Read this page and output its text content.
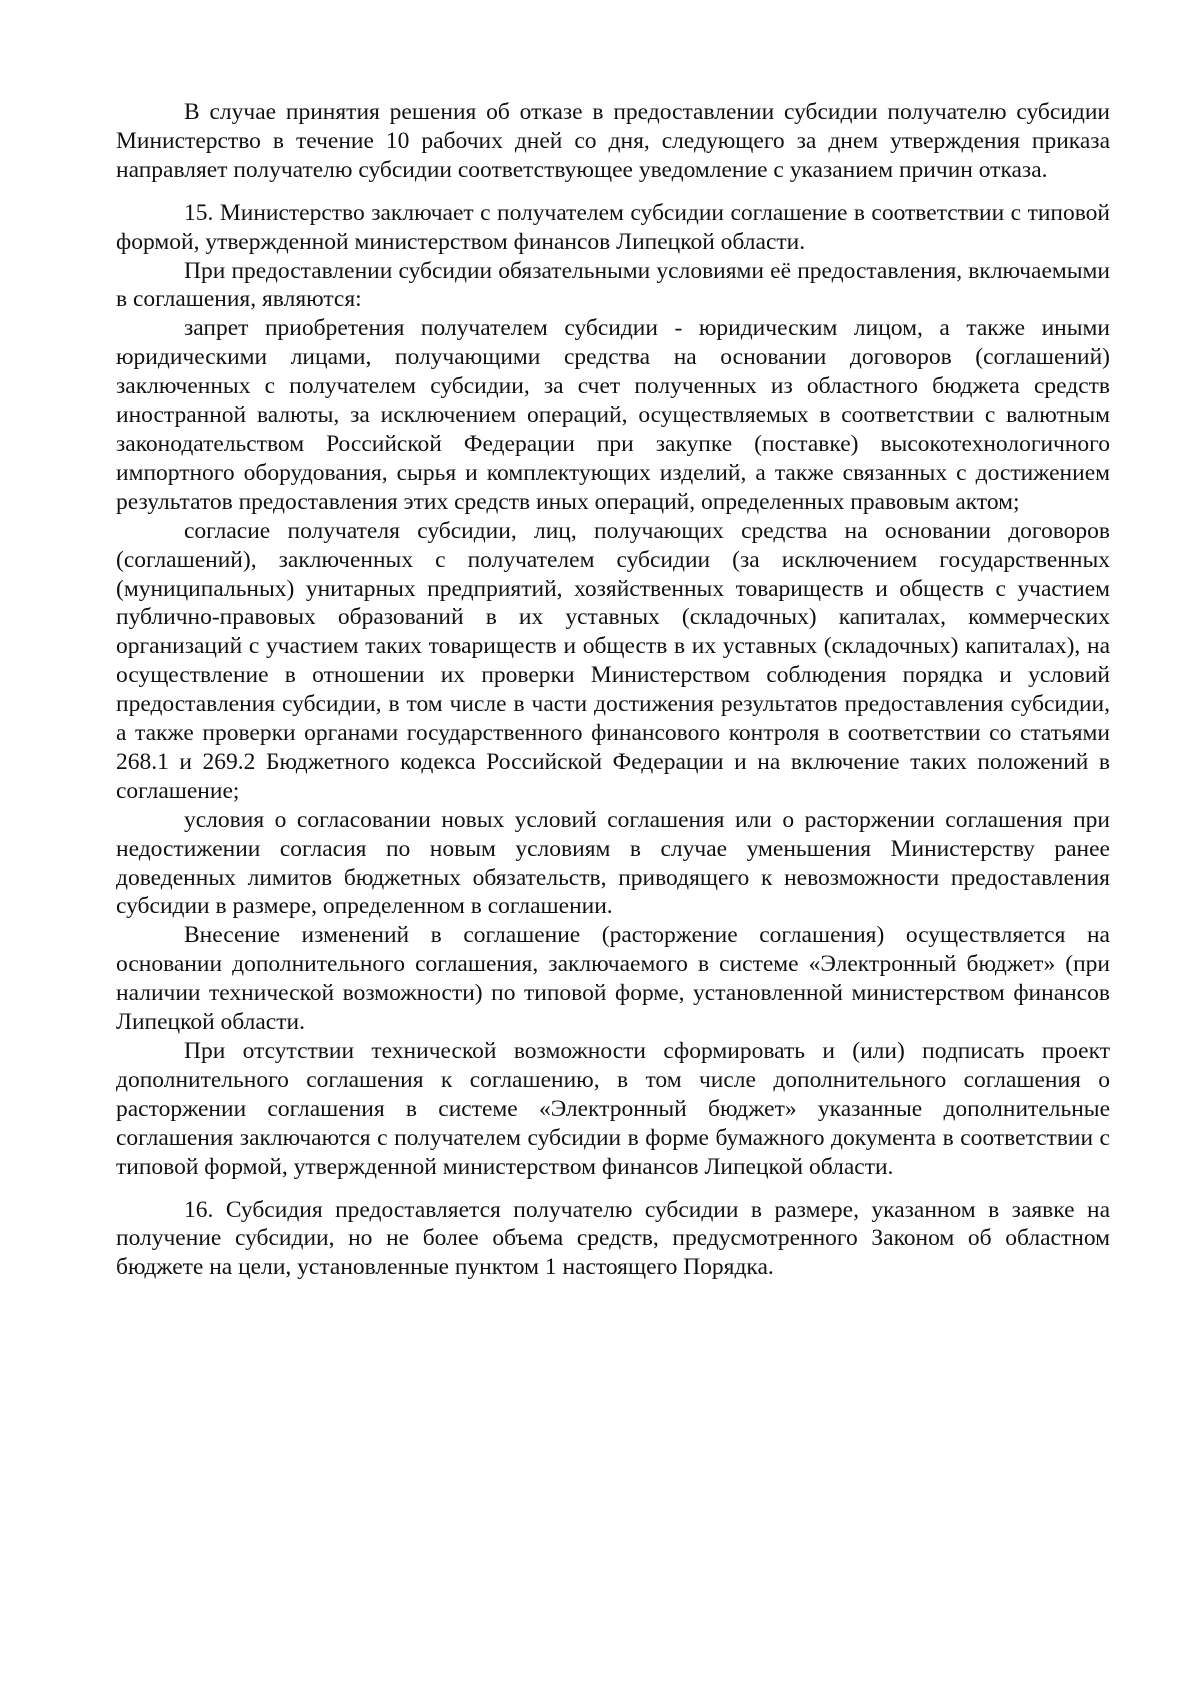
В случае принятия решения об отказе в предоставлении субсидии получателю субсидии Министерство в течение 10 рабочих дней со дня, следующего за днем утверждения приказа направляет получателю субсидии соответствующее уведомление с указанием причин отказа.

15. Министерство заключает с получателем субсидии соглашение в соответствии с типовой формой, утвержденной министерством финансов Липецкой области.

При предоставлении субсидии обязательными условиями её предоставления, включаемыми в соглашения, являются:

запрет приобретения получателем субсидии - юридическим лицом, а также иными юридическими лицами, получающими средства на основании договоров (соглашений) заключенных с получателем субсидии, за счет полученных из областного бюджета средств иностранной валюты, за исключением операций, осуществляемых в соответствии с валютным законодательством Российской Федерации при закупке (поставке) высокотехнологичного импортного оборудования, сырья и комплектующих изделий, а также связанных с достижением результатов предоставления этих средств иных операций, определенных правовым актом;

согласие получателя субсидии, лиц, получающих средства на основании договоров (соглашений), заключенных с получателем субсидии (за исключением государственных (муниципальных) унитарных предприятий, хозяйственных товариществ и обществ с участием публично-правовых образований в их уставных (складочных) капиталах, коммерческих организаций с участием таких товариществ и обществ в их уставных (складочных) капиталах), на осуществление в отношении их проверки Министерством соблюдения порядка и условий предоставления субсидии, в том числе в части достижения результатов предоставления субсидии, а также проверки органами государственного финансового контроля в соответствии со статьями 268.1 и 269.2 Бюджетного кодекса Российской Федерации и на включение таких положений в соглашение;

условия о согласовании новых условий соглашения или о расторжении соглашения при недостижении согласия по новым условиям в случае уменьшения Министерству ранее доведенных лимитов бюджетных обязательств, приводящего к невозможности предоставления субсидии в размере, определенном в соглашении.

Внесение изменений в соглашение (расторжение соглашения) осуществляется на основании дополнительного соглашения, заключаемого в системе «Электронный бюджет» (при наличии технической возможности) по типовой форме, установленной министерством финансов Липецкой области.

При отсутствии технической возможности сформировать и (или) подписать проект дополнительного соглашения к соглашению, в том числе дополнительного соглашения о расторжении соглашения в системе «Электронный бюджет» указанные дополнительные соглашения заключаются с получателем субсидии в форме бумажного документа в соответствии с типовой формой, утвержденной министерством финансов Липецкой области.

16. Субсидия предоставляется получателю субсидии в размере, указанном в заявке на получение субсидии, но не более объема средств, предусмотренного Законом об областном бюджете на цели, установленные пунктом 1 настоящего Порядка.
